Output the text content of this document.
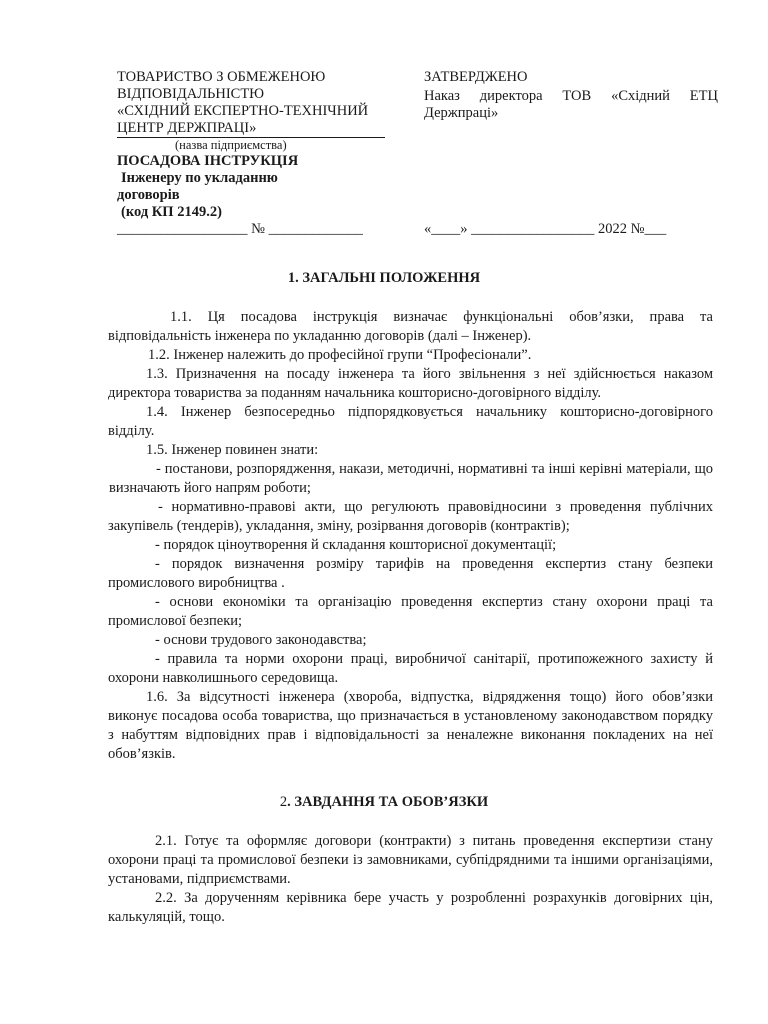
ТОВАРИСТВО З ОБМЕЖЕНОЮ
ВІДПОВІДАЛЬНІСТЮ
«СХІДНИЙ ЕКСПЕРТНО-ТЕХНІЧНИЙ
ЦЕНТР ДЕРЖПРАЦІ»
(назва підприємства)
ПОСАДОВА ІНСТРУКЦІЯ
Інженеру по укладанню
договорів
(код КП 2149.2)
ЗАТВЕРДЖЕНО
Наказ директора ТОВ «Східний ЕТЦ Держпраці»
__________________ № _____________	«____» _________________ 2022 №___
1. ЗАГАЛЬНІ ПОЛОЖЕННЯ

1.1. Ця посадова інструкція визначає функціональні обов’язки, права та відповідальність інженера по укладанню договорів (далі – Інженер).

1.2. Інженер належить до професійної групи “Професіонали”.

1.3. Призначення на посаду інженера та його звільнення з неї здійснюється наказом директора товариства за поданням начальника кошторисно-договірного відділу.

1.4. Інженер безпосередньо підпорядковується начальнику кошторисно-договірного відділу.

1.5. Інженер повинен знати:

- постанови, розпорядження, накази, методичні, нормативні та інші керівні матеріали, що визначають його напрям роботи;

- нормативно-правові акти, що регулюють правовідносини з проведення публічних закупівель (тендерів), укладання, зміну, розірвання договорів (контрактів);

- порядок ціноутворення й складання кошторисної документації;

- порядок визначення розміру тарифів на проведення експертиз стану безпеки промислового виробництва .

- основи економіки та організацію проведення експертиз стану охорони праці та промислової безпеки;

- основи трудового законодавства;

- правила та норми охорони праці, виробничої санітарії, протипожежного захисту й охорони навколишнього середовища.

1.6. За відсутності інженера (хвороба, відпустка, відрядження тощо) його обов’язки виконує посадова особа товариства, що призначається в установленому законодавством порядку з набуттям відповідних прав і відповідальності за неналежне виконання покладених на неї обов’язків.

2. ЗАВДАННЯ ТА ОБОВ’ЯЗКИ

2.1. Готує та оформляє договори (контракти) з питань проведення експертизи стану охорони праці та промислової безпеки із замовниками, субпідрядними та іншими організаціями, установами, підприємствами.

2.2. За дорученням керівника бере участь у розробленні розрахунків договірних цін, калькуляцій, тощо.
